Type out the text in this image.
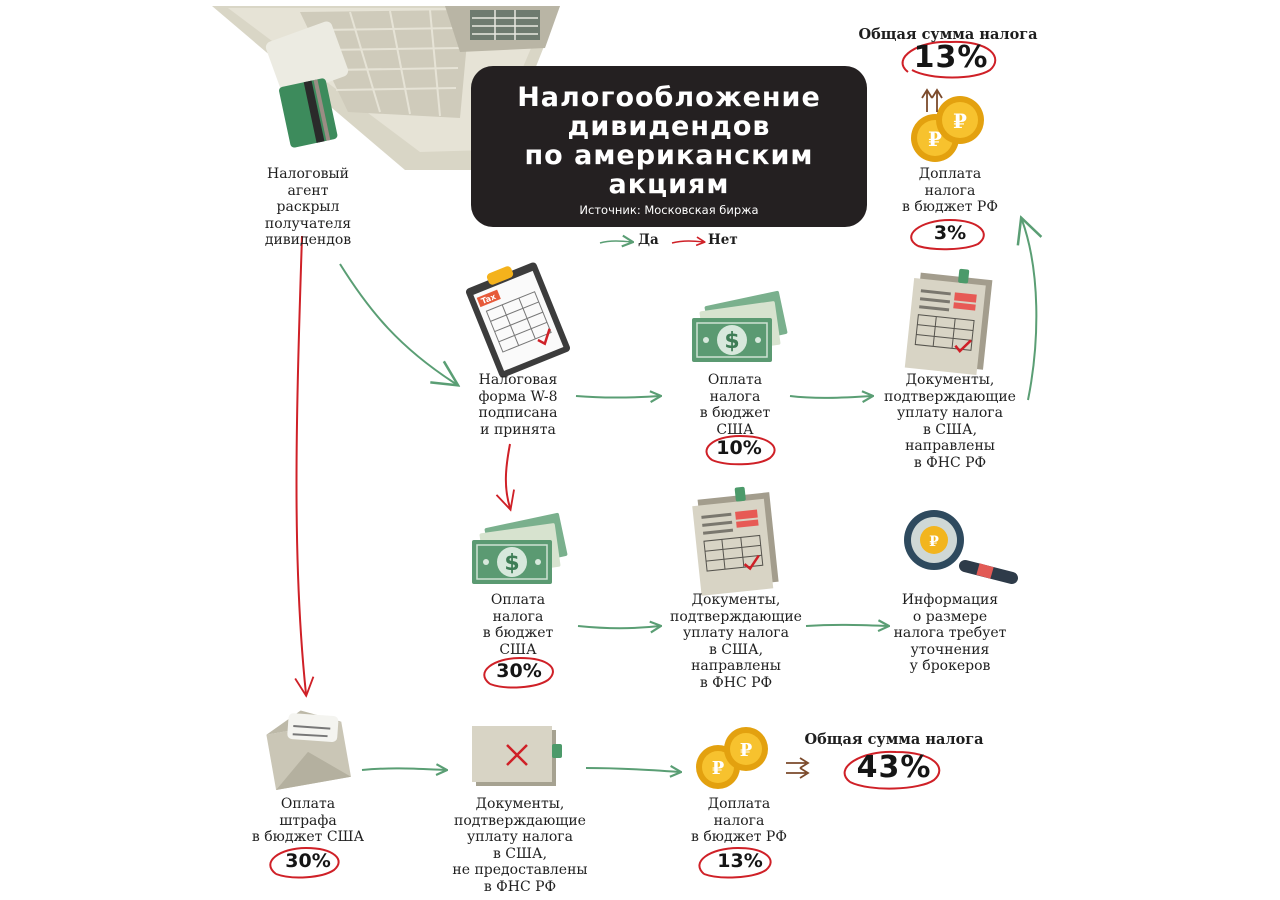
Tax
$
₽
₽
$
₽
₽
₽
Налогообложение
дивидендов
по американским
акциям
Источник: Московская биржа
Да	Нет
Налоговый
агент
раскрыл
получателя
дивидендов
Налоговая
форма W-8
подписана
и принята
Оплата
налога
в бюджет
США
10%
Документы,
подтверждающие
уплату налога
в США,
направлены
в ФНС РФ
Доплата
налога
в бюджет РФ
3%
Общая сумма налога
13%
Оплата
налога
в бюджет
США
30%
Документы,
подтверждающие
уплату налога
в США,
направлены
в ФНС РФ
Информация
о размере
налога требует
уточнения
у брокеров
Оплата
штрафа
в бюджет США
30%
Документы,
подтверждающие
уплату налога
в США,
не предоставлены
в ФНС РФ
Доплата
налога
в бюджет РФ
13%
Общая сумма налога
43%
